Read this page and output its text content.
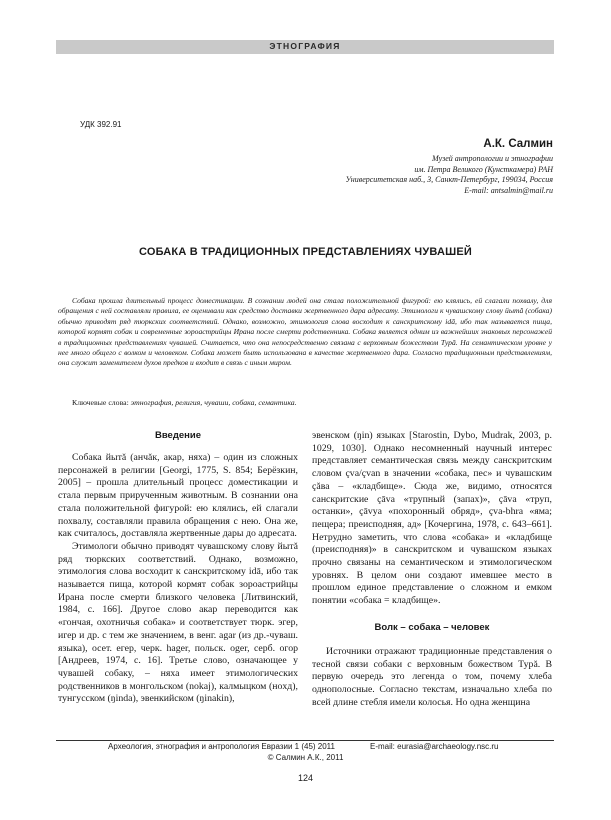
ЭТНОГРАФИЯ
УДК 392.91
А.К. Салмин
Музей антропологии и этнографии
им. Петра Великого (Кунсткамера) РАН
Университетская наб., 3, Санкт-Петербург, 199034, Россия
E-mail: antsalmin@mail.ru
СОБАКА В ТРАДИЦИОННЫХ ПРЕДСТАВЛЕНИЯХ ЧУВАШЕЙ

Собака прошла длительный процесс доместикации. В сознании людей она стала положительной фигурой: ею клялись, ей слагали похвалу, для обращения с ней составляли правила, ее оценивали как средство доставки жертвенного дара адресату. Этимологи к чувашскому слову йытă (собака) обычно приводят ряд тюркских соответствий. Однако, возможно, этимология слова восходит к санскритскому idā, ибо так называется пища, которой кормят собак и современные зороастрийцы Ирана после смерти родственника. Собака является одним из важнейших знаковых персонажей в традиционных представлениях чувашей. Считается, что она непосредственно связана с верховным божеством Турă. На семантическом уровне у нее много общего с волком и человеком. Собака может быть использована в качестве жертвенного дара. Согласно традиционным представлениям, она служит заменителем духов предков и входит в связь с иным миром.

Ключевые слова: этнография, религия, чуваши, собака, семантика.
Введение

Собака йытă (анчăк, акар, няха) – один из сложных персонажей в религии [Georgi, 1775, S. 854; Берёзкин, 2005] – прошла длительный процесс доместикации и стала первым прирученным животным. В сознании она стала положительной фигурой: ею клялись, ей слагали похвалу, составляли правила обращения с нею. Она же, как считалось, доставляла жертвенные дары до адресата.

Этимологи обычно приводят чувашскому слову йытă ряд тюркских соответствий. Однако, возможно, этимология слова восходит к санскритскому idā, ибо так называется пища, которой кормят собак зороастрийцы Ирана после смерти близкого человека [Литвинский, 1984, с. 166]. Другое слово акар переводится как «гончая, охотничья собака» и соответствует тюрк. эгер, игер и др. с тем же значением, в венг. agar (из др.-чуваш. языка), осет. егер, черк. hager, польск. oger, серб. огор [Андреев, 1974, с. 16]. Третье слово, означающее у чувашей собаку, – няха имеет этимологических родственников в монгольском (nokaj), калмыцком (ноxд), тунгусском (ŋinda), эвенкийском (ŋinakin),

эвенском (ŋin) языках [Starostin, Dybo, Mudrak, 2003, p. 1029, 1030]. Однако несомненный научный интерес представляет семантическая связь между санскритским словом çva/çvan в значении «собака, пес» и чувашским çăва – «кладбище». Сюда же, видимо, относятся санскритские çāva «трупный (запах)», çāva «труп, останки», çāvya «похоронный обряд», çva-bhra «яма; пещера; преисподняя, ад» [Кочергина, 1978, с. 643–661]. Нетрудно заметить, что слова «собака» и «кладбище (преисподняя)» в санскритском и чувашском языках прочно связаны на семантическом и этимологическом уровнях. В целом они создают имевшее место в прошлом единое представление о сложном и емком понятии «собака = кладбище».

Волк – собака – человек

Источники отражают традиционные представления о тесной связи собаки с верховным божеством Турă. В первую очередь это легенда о том, почему хлеба однополосные. Согласно текстам, изначально хлеба по всей длине стебля имели колосья. Но одна женщина

Археология, этнография и антропология Евразии 1 (45) 2011	E-mail: eurasia@archaeology.nsc.ru
© Салмин А.К., 2011
124
